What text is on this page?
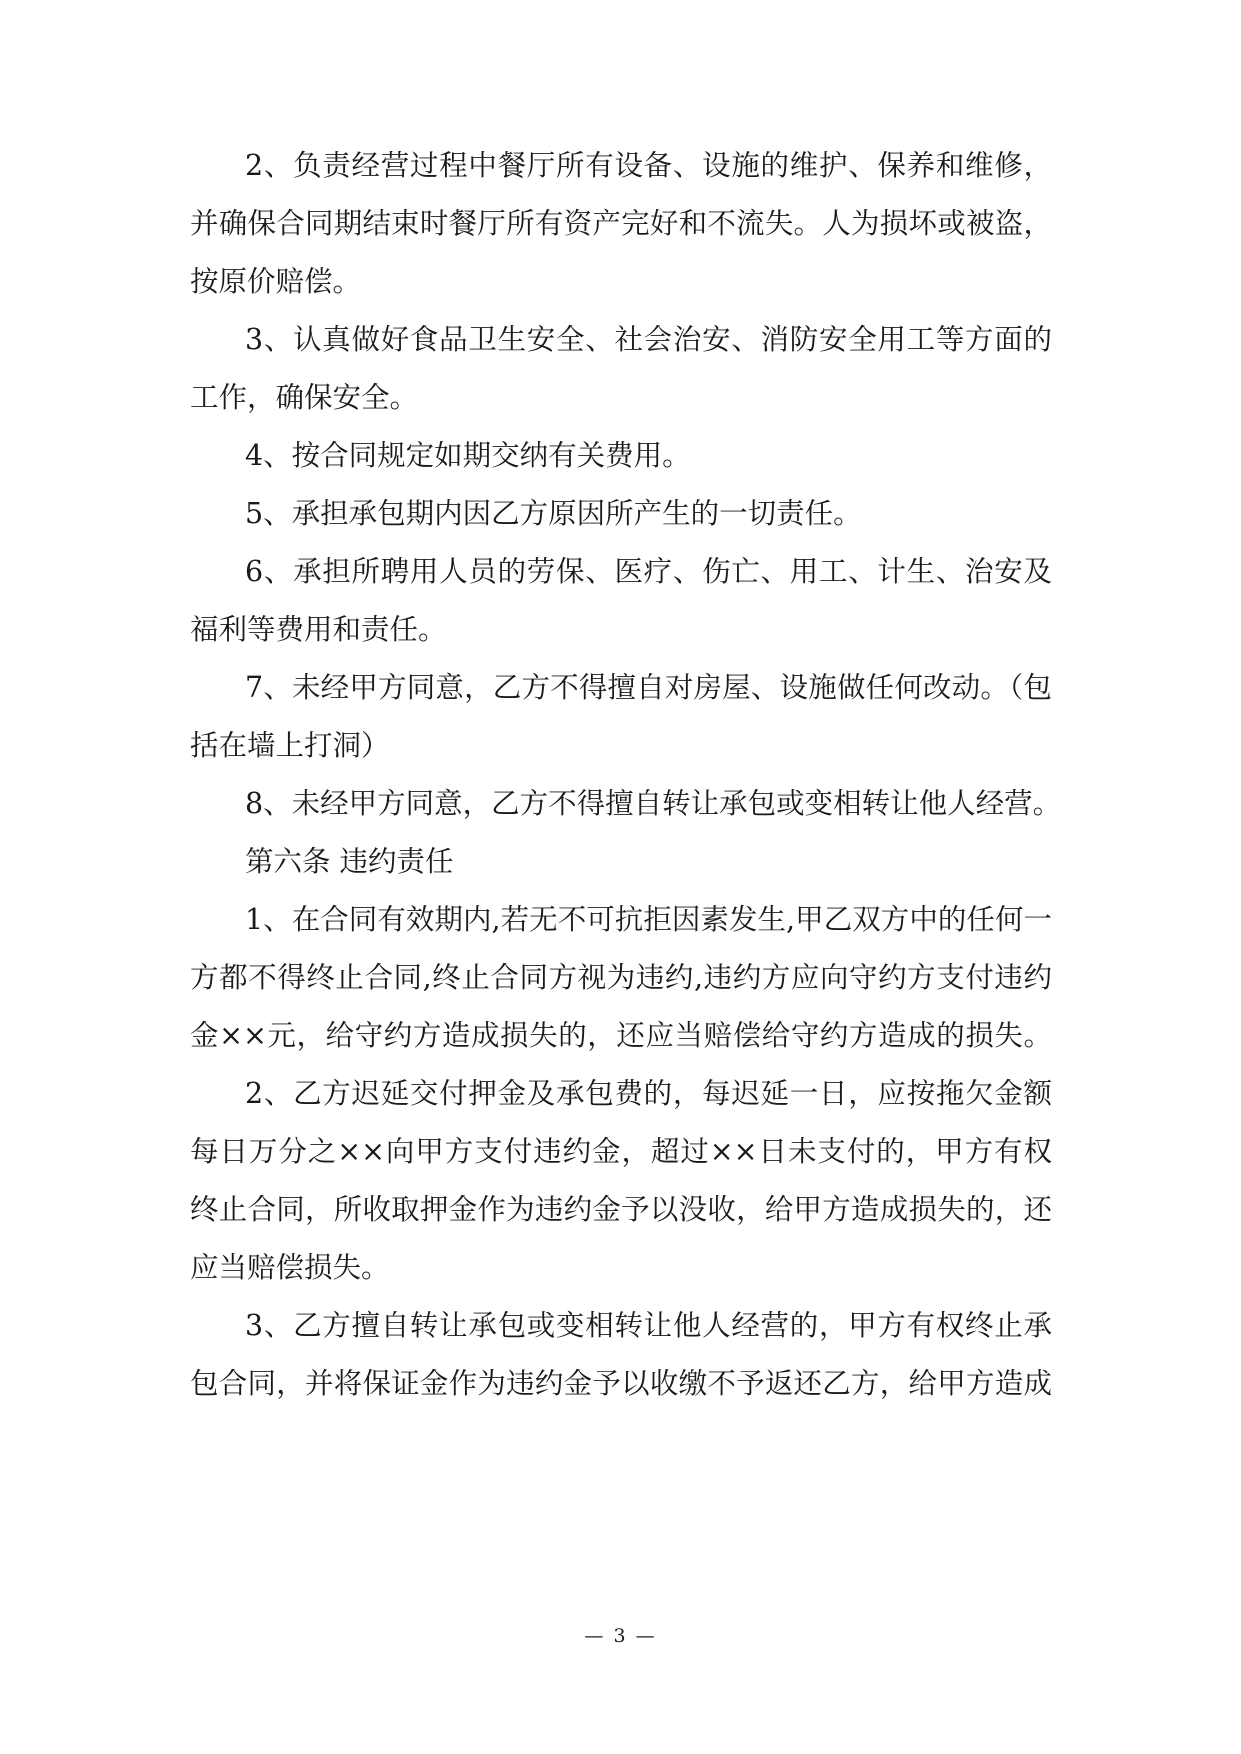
2、负责经营过程中餐厅所有设备、设施的维护、保养和维修，
并确保合同期结束时餐厅所有资产完好和不流失。人为损坏或被盗，
按原价赔偿。
3、认真做好食品卫生安全、社会治安、消防安全用工等方面的
工作，确保安全。
4、按合同规定如期交纳有关费用。
5、承担承包期内因乙方原因所产生的一切责任。
6、承担所聘用人员的劳保、医疗、伤亡、用工、计生、治安及
福利等费用和责任。
7、未经甲方同意，乙方不得擅自对房屋、设施做任何改动。（包
括在墙上打洞）
8、未经甲方同意，乙方不得擅自转让承包或变相转让他人经营。
第六条 违约责任
1、在合同有效期内,若无不可抗拒因素发生,甲乙双方中的任何一
方都不得终止合同,终止合同方视为违约,违约方应向守约方支付违约
金××元，给守约方造成损失的，还应当赔偿给守约方造成的损失。
2、乙方迟延交付押金及承包费的，每迟延一日，应按拖欠金额
每日万分之××向甲方支付违约金，超过××日未支付的，甲方有权
终止合同，所收取押金作为违约金予以没收，给甲方造成损失的，还
应当赔偿损失。
3、乙方擅自转让承包或变相转让他人经营的，甲方有权终止承
包合同，并将保证金作为违约金予以收缴不予返还乙方，给甲方造成
— 3 —
